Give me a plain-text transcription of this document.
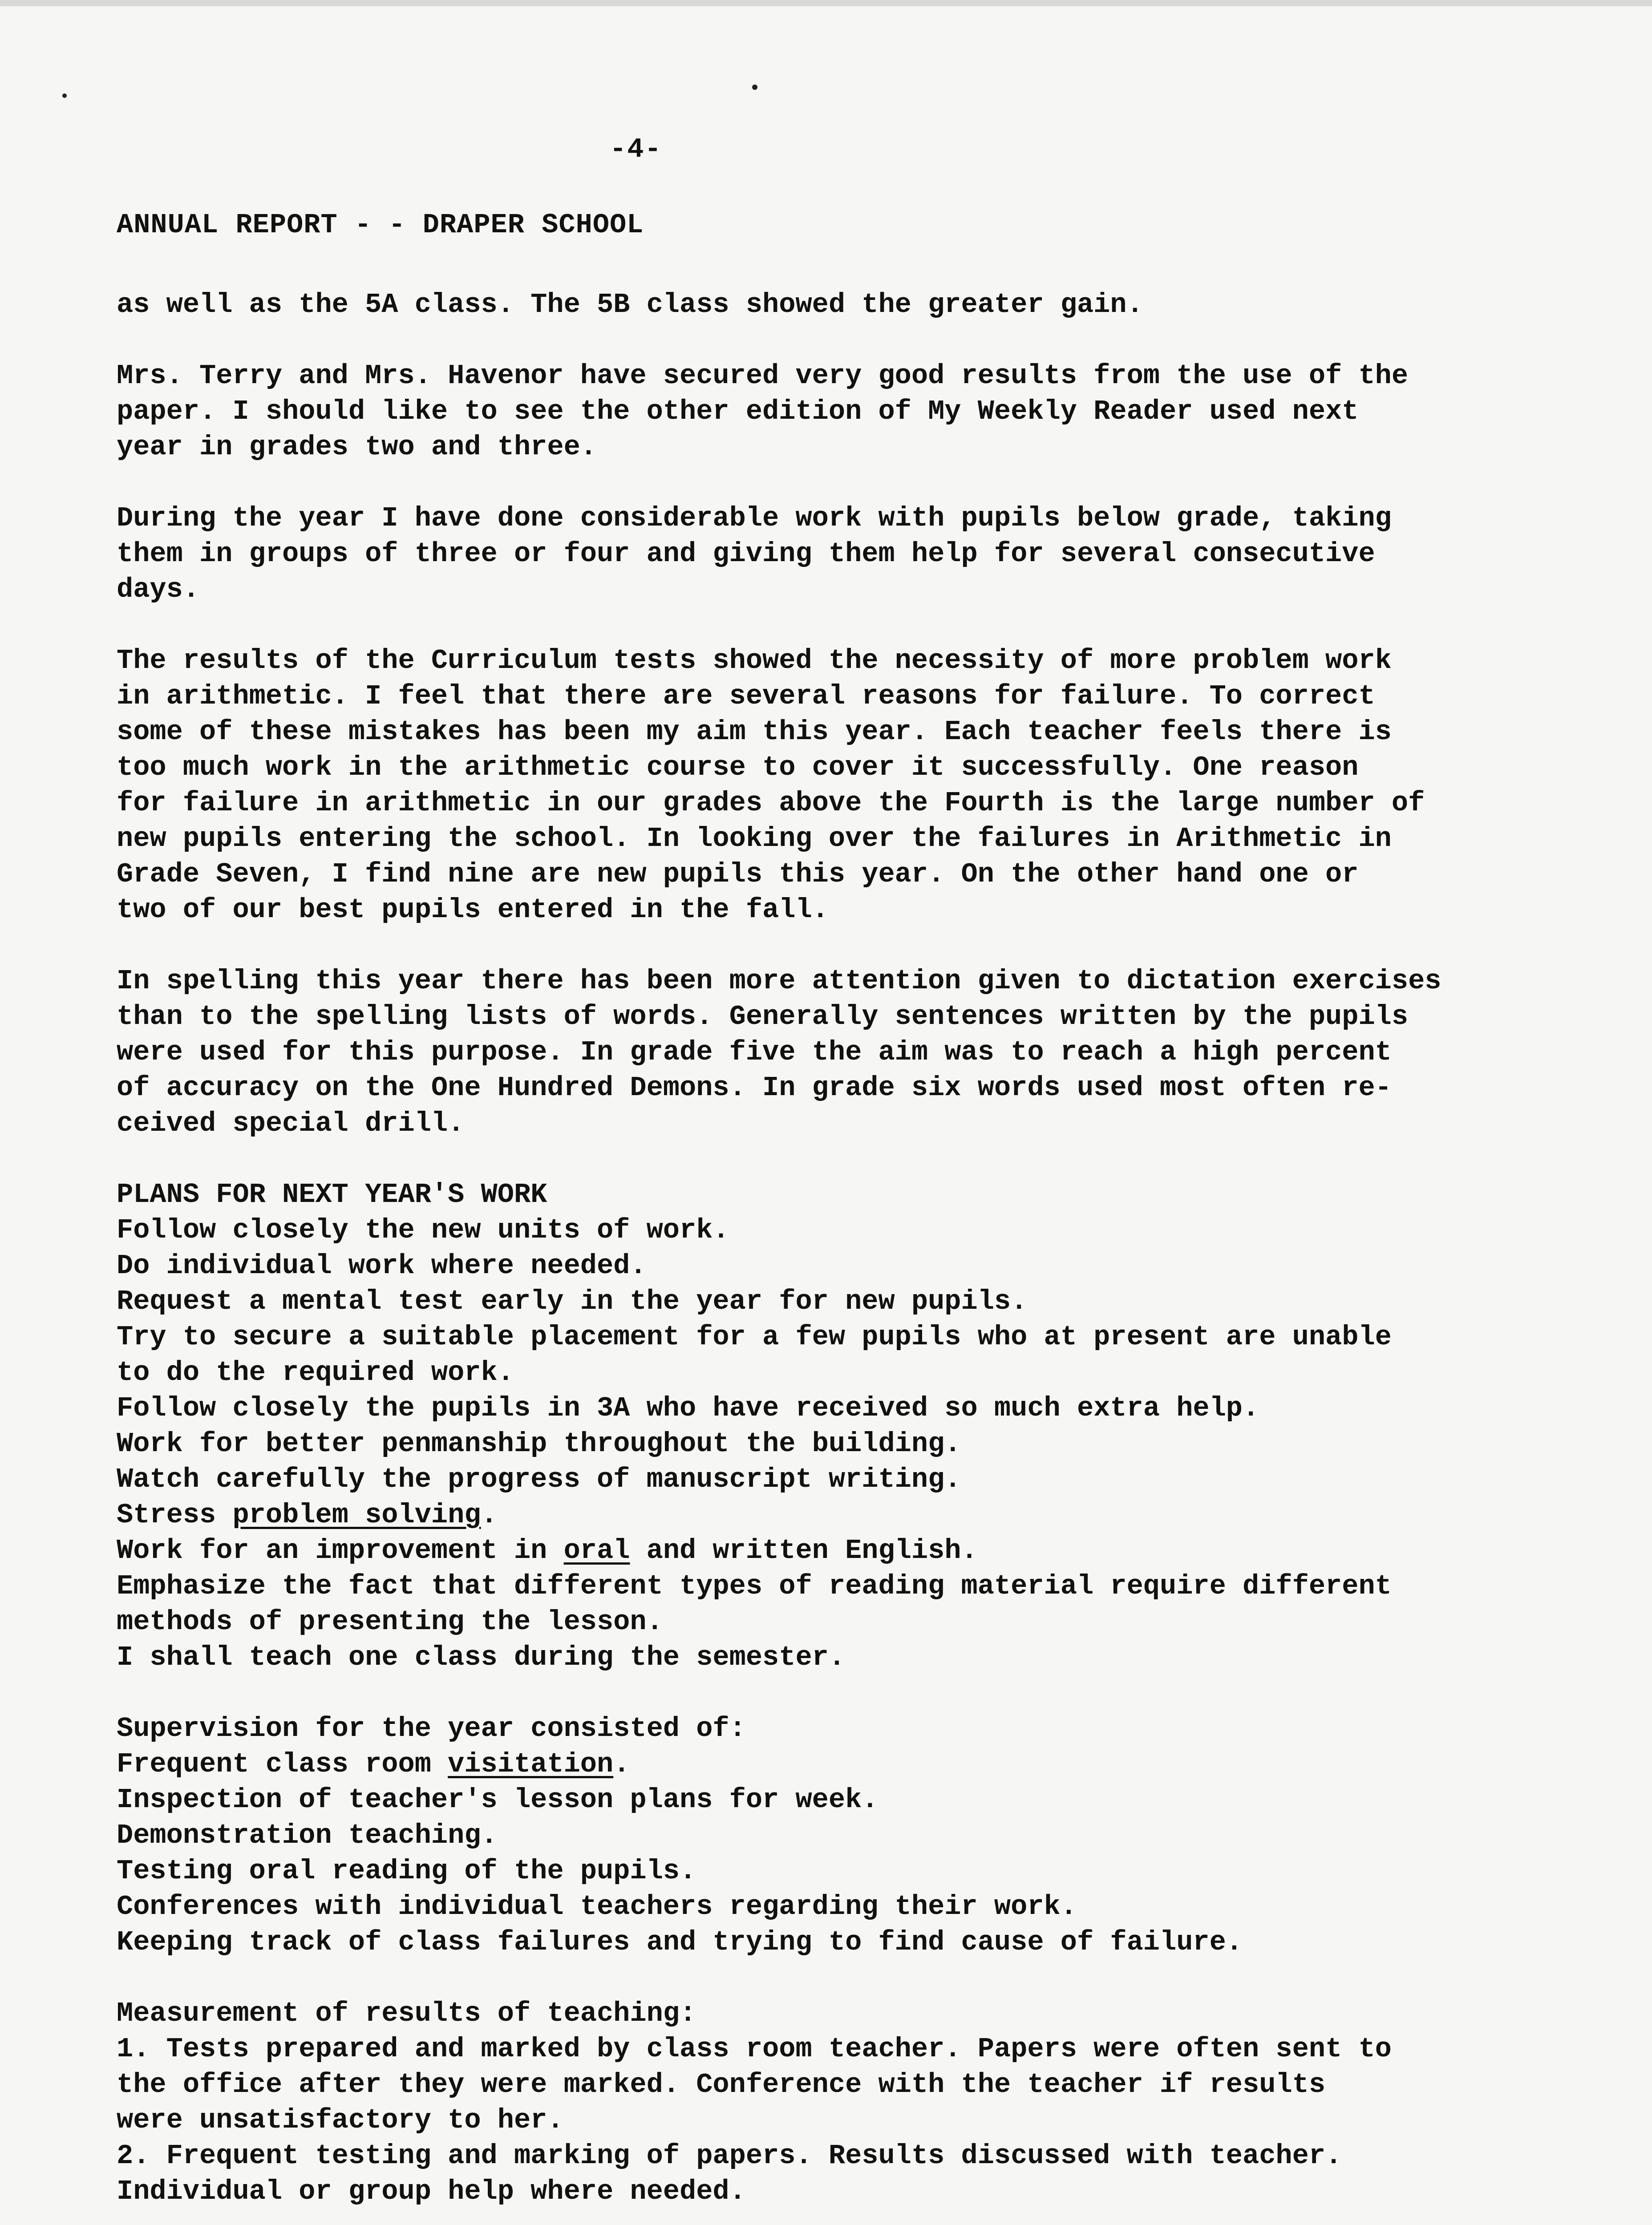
-4-
ANNUAL REPORT - - DRAPER SCHOOL

as well as the 5A class. The 5B class showed the greater gain.

Mrs. Terry and Mrs. Havenor have secured very good results from the use of the
paper. I should like to see the other edition of My Weekly Reader used next
year in grades two and three.

During the year I have done considerable work with pupils below grade, taking
them in groups of three or four and giving them help for several consecutive
days.

The results of the Curriculum tests showed the necessity of more problem work
in arithmetic. I feel that there are several reasons for failure. To correct
some of these mistakes has been my aim this year. Each teacher feels there is
too much work in the arithmetic course to cover it successfully. One reason
for failure in arithmetic in our grades above the Fourth is the large number of
new pupils entering the school. In looking over the failures in Arithmetic in
Grade Seven, I find nine are new pupils this year. On the other hand one or
two of our best pupils entered in the fall.

In spelling this year there has been more attention given to dictation exercises
than to the spelling lists of words. Generally sentences written by the pupils
were used for this purpose. In grade five the aim was to reach a high percent
of accuracy on the One Hundred Demons. In grade six words used most often re-
ceived special drill.

PLANS FOR NEXT YEAR'S WORK
Follow closely the new units of work.
Do individual work where needed.
Request a mental test early in the year for new pupils.
Try to secure a suitable placement for a few pupils who at present are unable
to do the required work.
Follow closely the pupils in 3A who have received so much extra help.
Work for better penmanship throughout the building.
Watch carefully the progress of manuscript writing.
Stress problem solving.
Work for an improvement in oral and written English.
Emphasize the fact that different types of reading material require different
methods of presenting the lesson.
I shall teach one class during the semester.
Supervision for the year consisted of:
Frequent class room visitation.
Inspection of teacher's lesson plans for week.
Demonstration teaching.
Testing oral reading of the pupils.
Conferences with individual teachers regarding their work.
Keeping track of class failures and trying to find cause of failure.
Measurement of results of teaching:
1. Tests prepared and marked by class room teacher. Papers were often sent to
the office after they were marked. Conference with the teacher if results
were unsatisfactory to her.
2. Frequent testing and marking of papers. Results discussed with teacher.
Individual or group help where needed.
